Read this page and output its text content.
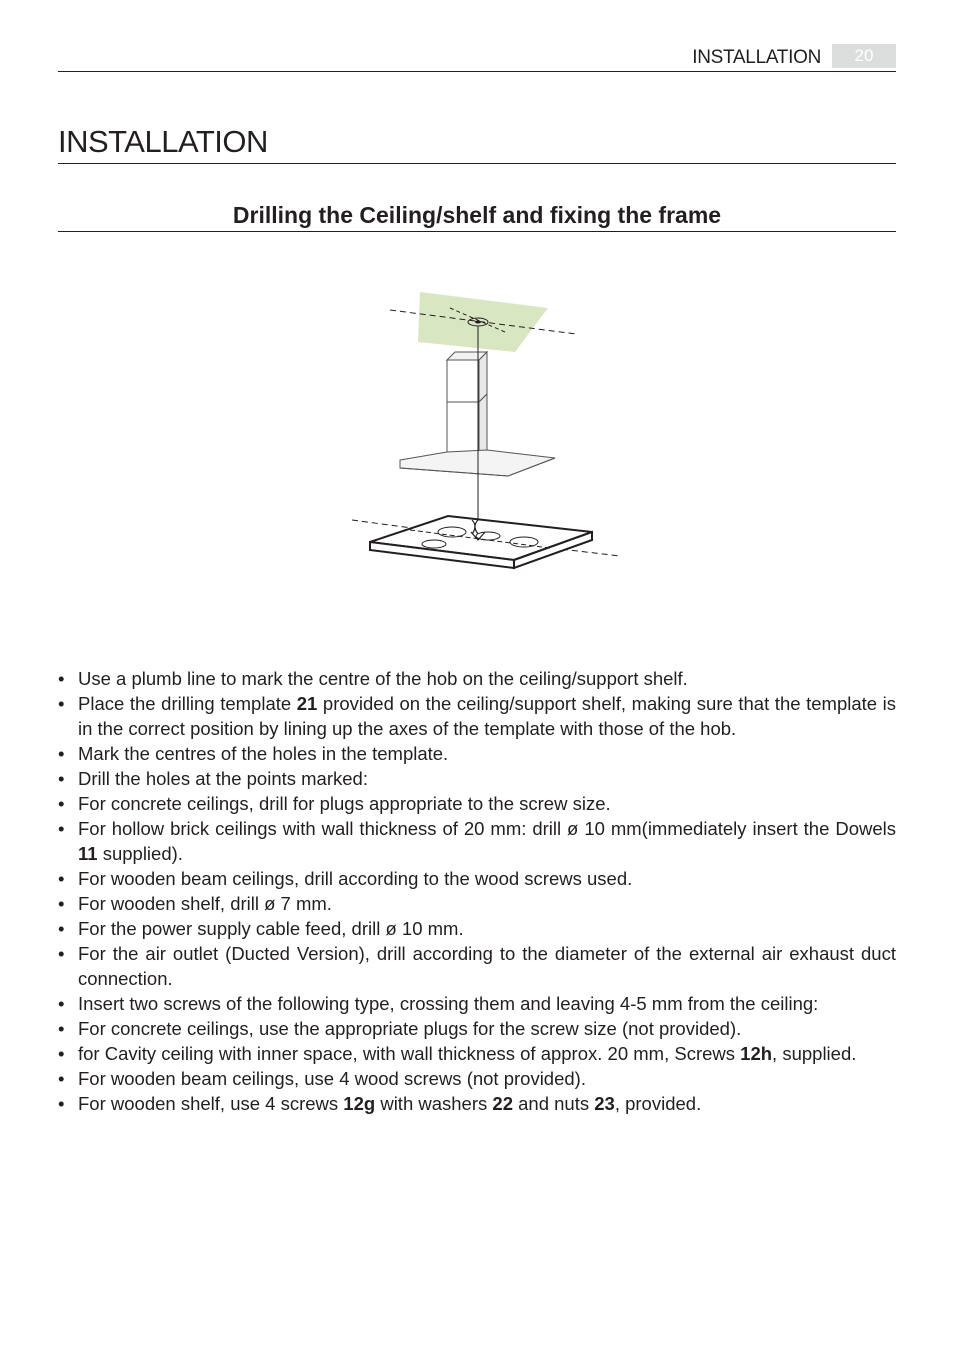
INSTALLATION	20
INSTALLATION
Drilling the Ceiling/shelf and fixing the frame
• Use a plumb line to mark the centre of the hob on the ceiling/support shelf.
• Place the drilling template 21 provided on the ceiling/support shelf, making sure that the template is in the correct position by lining up the axes of the template with those of the hob.
• Mark the centres of the holes in the template.
• Drill the holes at the points marked:
• For concrete ceilings, drill for plugs appropriate to the screw size.
• For hollow brick ceilings with wall thickness of 20 mm: drill ø 10 mm(immediately insert the Dowels 11 supplied).
• For wooden beam ceilings, drill according to the wood screws used.
• For wooden shelf, drill ø 7 mm.
• For the power supply cable feed, drill ø 10 mm.
• For the air outlet (Ducted Version), drill according to the diameter of the external air exhaust duct connection.
• Insert two screws of the following type, crossing them and leaving 4-5 mm from the ceiling:
• For concrete ceilings, use the appropriate plugs for the screw size (not provided).
• for Cavity ceiling with inner space, with wall thickness of approx. 20 mm, Screws 12h, supplied.
• For wooden beam ceilings, use 4 wood screws (not provided).
• For wooden shelf, use 4 screws 12g with washers 22 and nuts 23, provided.
